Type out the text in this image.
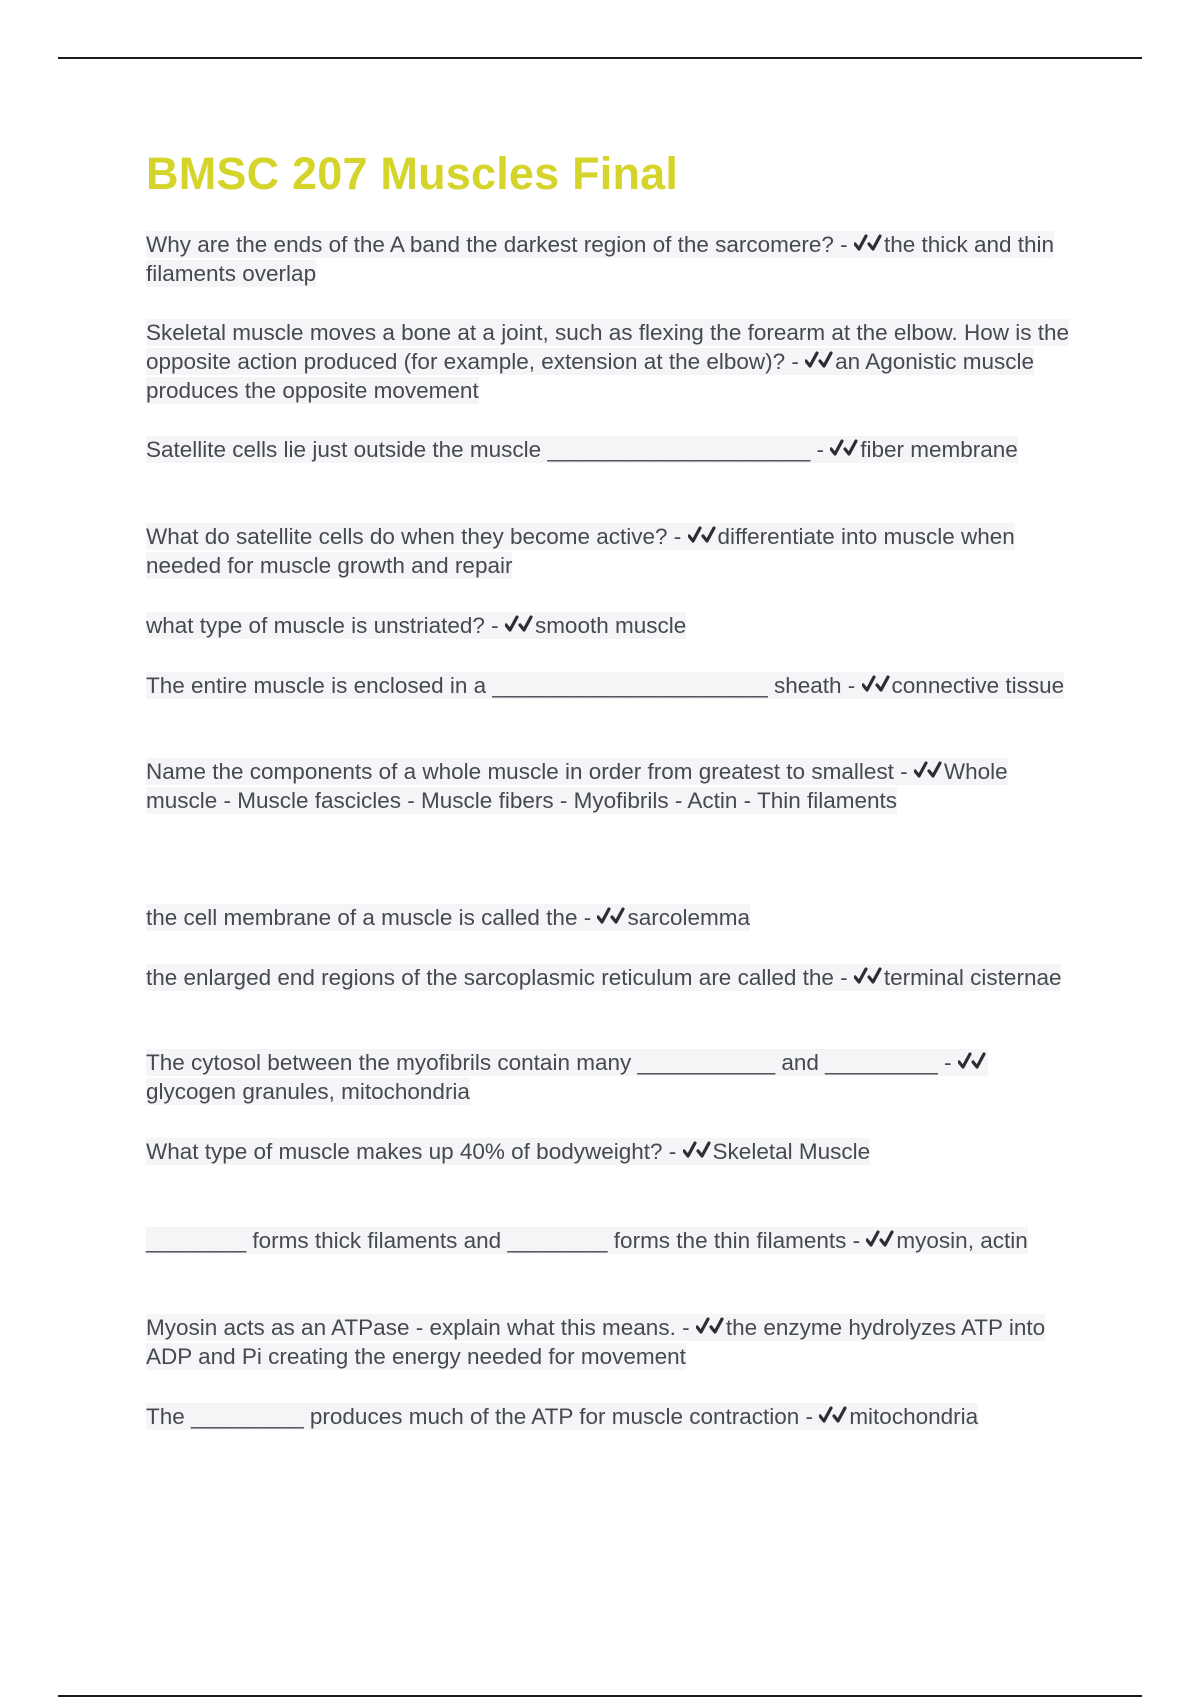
BMSC 207 Muscles Final
Why are the ends of the A band the darkest region of the sarcomere? - the thick and thin filaments overlap
Skeletal muscle moves a bone at a joint, such as flexing the forearm at the elbow. How is the opposite action produced (for example, extension at the elbow)? - an Agonistic muscle produces the opposite movement
Satellite cells lie just outside the muscle _____________________ - fiber membrane
What do satellite cells do when they become active? - differentiate into muscle when needed for muscle growth and repair
what type of muscle is unstriated? - smooth muscle
The entire muscle is enclosed in a ______________________ sheath - connective tissue
Name the components of a whole muscle in order from greatest to smallest - Whole muscle - Muscle fascicles - Muscle fibers - Myofibrils - Actin - Thin filaments
the cell membrane of a muscle is called the - sarcolemma
the enlarged end regions of the sarcoplasmic reticulum are called the - terminal cisternae
The cytosol between the myofibrils contain many ___________ and _________ -
glycogen granules, mitochondria
What type of muscle makes up 40% of bodyweight? - Skeletal Muscle
________ forms thick filaments and ________ forms the thin filaments - myosin, actin
Myosin acts as an ATPase - explain what this means. - the enzyme hydrolyzes ATP into ADP and Pi creating the energy needed for movement
The _________ produces much of the ATP for muscle contraction - mitochondria
